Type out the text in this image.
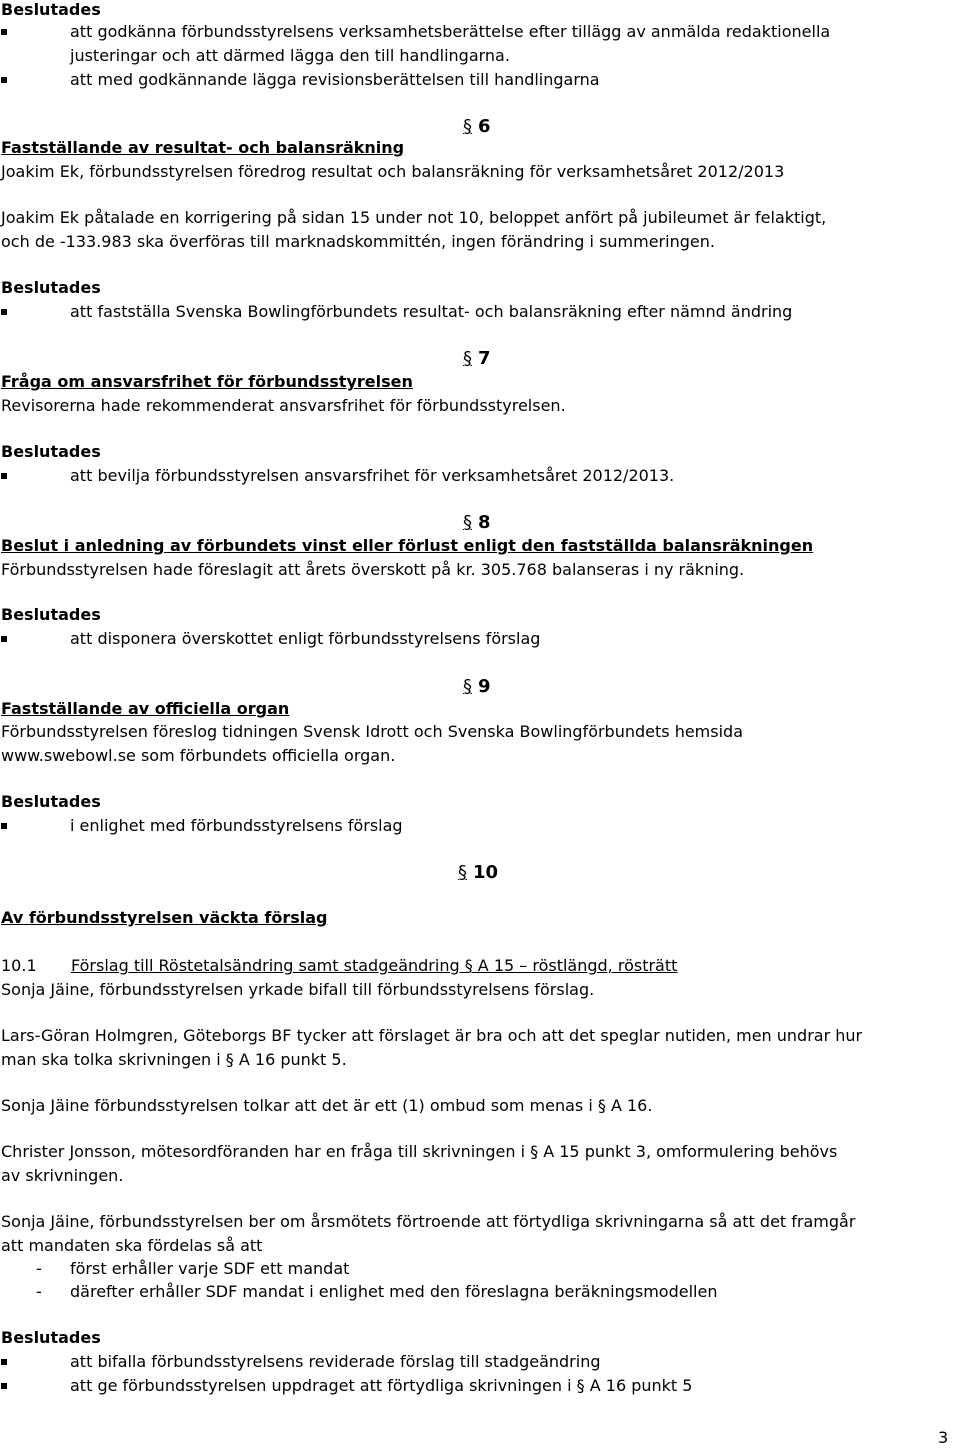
Beslutades
att godkänna förbundsstyrelsens verksamhetsberättelse efter tillägg av anmälda redaktionella
justeringar och att därmed lägga den till handlingarna.
att med godkännande lägga revisionsberättelsen till handlingarna
§ 6
Fastställande av resultat- och balansräkning
Joakim Ek, förbundsstyrelsen föredrog resultat och balansräkning för verksamhetsåret 2012/2013
Joakim Ek påtalade en korrigering på sidan 15 under not 10, beloppet anfört på jubileumet är felaktigt,
och de -133.983 ska överföras till marknadskommittén, ingen förändring i summeringen.
Beslutades
att fastställa Svenska Bowlingförbundets resultat- och balansräkning efter nämnd ändring
§ 7
Fråga om ansvarsfrihet för förbundsstyrelsen
Revisorerna hade rekommenderat ansvarsfrihet för förbundsstyrelsen.
Beslutades
att bevilja förbundsstyrelsen ansvarsfrihet för verksamhetsåret 2012/2013.
§ 8
Beslut i anledning av förbundets vinst eller förlust enligt den fastställda balansräkningen
Förbundsstyrelsen hade föreslagit att årets överskott på kr. 305.768 balanseras i ny räkning.
Beslutades
att disponera överskottet enligt förbundsstyrelsens förslag
§ 9
Fastställande av officiella organ
Förbundsstyrelsen föreslog tidningen Svensk Idrott och Svenska Bowlingförbundets hemsida
www.swebowl.se som förbundets officiella organ.
Beslutades
i enlighet med förbundsstyrelsens förslag
§ 10
Av förbundsstyrelsen väckta förslag
10.1 Förslag till Röstetalsändring samt stadgeändring § A 15 – röstlängd, rösträtt
Sonja Jäine, förbundsstyrelsen yrkade bifall till förbundsstyrelsens förslag.
Lars-Göran Holmgren, Göteborgs BF tycker att förslaget är bra och att det speglar nutiden, men undrar hur
man ska tolka skrivningen i § A 16 punkt 5.
Sonja Jäine förbundsstyrelsen tolkar att det är ett (1) ombud som menas i § A 16.
Christer Jonsson, mötesordföranden har en fråga till skrivningen i § A 15 punkt 3, omformulering behövs
av skrivningen.
Sonja Jäine, förbundsstyrelsen ber om årsmötets förtroende att förtydliga skrivningarna så att det framgår
att mandaten ska fördelas så att
- först erhåller varje SDF ett mandat
- därefter erhåller SDF mandat i enlighet med den föreslagna beräkningsmodellen
Beslutades
att bifalla förbundsstyrelsens reviderade förslag till stadgeändring
att ge förbundsstyrelsen uppdraget att förtydliga skrivningen i § A 16 punkt 5
3
